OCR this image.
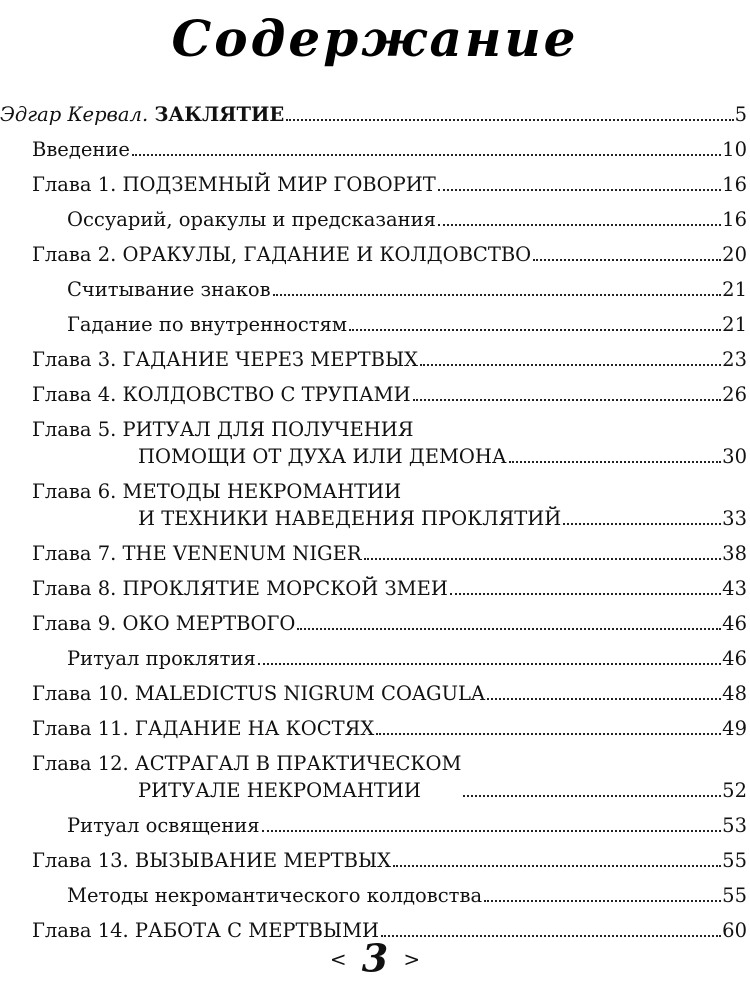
Содержание
Эдгар Кервал. ЗАКЛЯТИЕ	5
Введение	10
Глава 1. ПОДЗЕМНЫЙ МИР ГОВОРИТ	16
Оссуарий, оракулы и предсказания	16
Глава 2. ОРАКУЛЫ, ГАДАНИЕ И КОЛДОВСТВО	20
Считывание знаков	21
Гадание по внутренностям	21
Глава 3. ГАДАНИЕ ЧЕРЕЗ МЕРТВЫХ	23
Глава 4. КОЛДОВСТВО С ТРУПАМИ	26
Глава 5. РИТУАЛ ДЛЯ ПОЛУЧЕНИЯ
ПОМОЩИ ОТ ДУХА ИЛИ ДЕМОНА	30
Глава 6. МЕТОДЫ НЕКРОМАНТИИ
И ТЕХНИКИ НАВЕДЕНИЯ ПРОКЛЯТИЙ	33
Глава 7. THE VENENUM NIGER	38
Глава 8. ПРОКЛЯТИЕ МОРСКОЙ ЗМЕИ	43
Глава 9. ОКО МЕРТВОГО	46
Ритуал проклятия	46
Глава 10. MALEDICTUS NIGRUM COAGULA	48
Глава 11. ГАДАНИЕ НА КОСТЯХ	49
Глава 12. АСТРАГАЛ В ПРАКТИЧЕСКОМ
РИТУАЛЕ НЕКРОМАНТИИ	52
Ритуал освящения	53
Глава 13. ВЫЗЫВАНИЕ МЕРТВЫХ	55
Методы некромантического колдовства	55
Глава 14. РАБОТА С МЕРТВЫМИ	60
< 3 >
